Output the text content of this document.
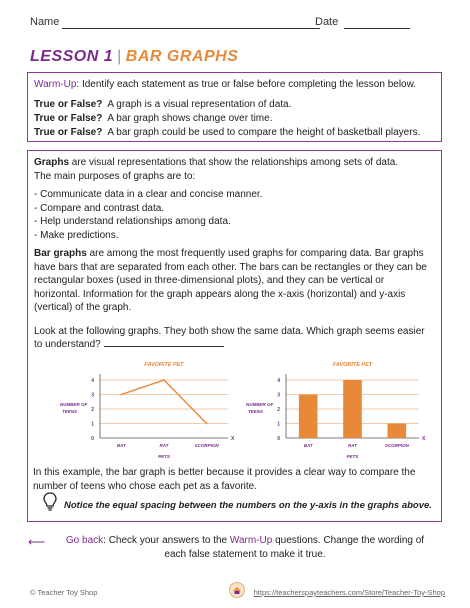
Name	Date
LESSON 1 | BAR GRAPHS

Warm-Up: Identify each statement as true or false before completing the lesson below.

True or False? A graph is a visual representation of data.

True or False? A bar graph shows change over time.

True or False? A bar graph could be used to compare the height of basketball players.

Graphs are visual representations that show the relationships among sets of data.

The main purposes of graphs are to:

- Communicate data in a clear and concise manner.

- Compare and contrast data.

- Help understand relationships among data.

- Make predictions.

Bar graphs are among the most frequently used graphs for comparing data. Bar graphs

have bars that are separated from each other. The bars can be rectangles or they can be

rectangular boxes (used in three-dimensional plots), and they can be vertical or

horizontal. Information for the graph appears along the x-axis (horizontal) and y-axis

(vertical) of the graph.

Look at the following graphs. They both show the same data. Which graph seems easier

to understand?

FAVORITE PET
NUMBER OF
TEENS
0
1
2
3
4
X
BAT	RAT	SCORPION
PETS
FAVORITE PET
NUMBER OF
TEENS
0
1
2
3
4
X
BAT	RAT	SCORPION
PETS

In this example, the bar graph is better because it provides a clear way to compare the

number of teens who chose each pet as a favorite.

Notice the equal spacing between the numbers on the y-axis in the graphs above.
⟵	Go back: Check your answers to the Warm-Up questions. Change the wording of
each false statement to make it true.
© Teacher Toy Shop	https://teacherspayteachers.com/Store/Teacher-Toy-Shop
